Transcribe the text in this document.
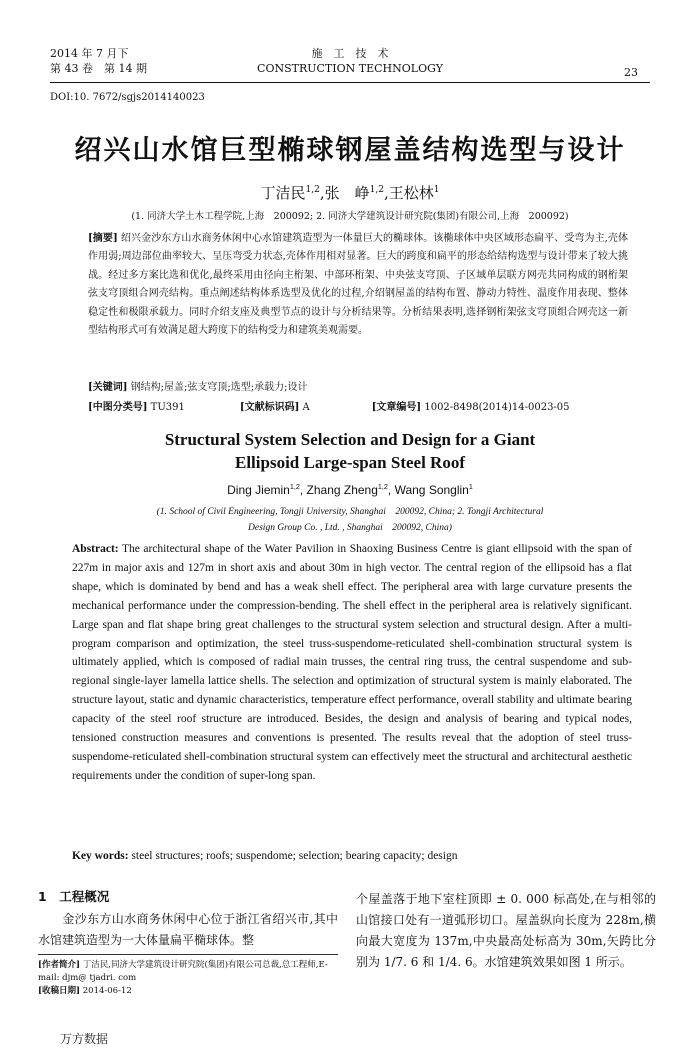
2014 年 7 月下
第 43 卷　第 14 期
施　工　技　术
CONSTRUCTION TECHNOLOGY	23
DOI:10. 7672/sgjs2014140023
绍兴山水馆巨型椭球钢屋盖结构选型与设计
丁洁民$^{1,2}$,张　峥$^{1,2}$,王松林$^1$
(1. 同济大学土木工程学院,上海　200092; 2. 同济大学建筑设计研究院(集团)有限公司,上海　200092)
[摘要] 绍兴金沙东方山水商务休闲中心水馆建筑造型为一体量巨大的椭球体。该椭球体中央区域形态扁平、受弯为主,壳体作用弱;周边部位曲率较大、呈压弯受力状态,壳体作用相对显著。巨大的跨度和扁平的形态给结构选型与设计带来了较大挑战。经过多方案比选和优化,最终采用由径向主桁架、中部环桁架、中央弦支穹顶、子区域单层联方网壳共同构成的钢桁架弦支穹顶组合网壳结构。重点阐述结构体系选型及优化的过程,介绍钢屋盖的结构布置、静动力特性、温度作用表现、整体稳定性和极限承载力。同时介绍支座及典型节点的设计与分析结果等。分析结果表明,选择钢桁架弦支穹顶组合网壳这一新型结构形式可有效满足超大跨度下的结构受力和建筑美观需要。
[关键词] 钢结构;屋盖;弦支穹顶;选型;承载力;设计
[中图分类号] TU391	[文献标识码] A	[文章编号] 1002-8498(2014)14-0023-05
Structural System Selection and Design for a Giant
Ellipsoid Large-span Steel Roof
Ding Jiemin$^{1,2}$, Zhang Zheng$^{1,2}$, Wang Songlin$^1$
(1. School of Civil Engineering, Tongji University, Shanghai　200092, China; 2. Tongji Architectural
Design Group Co. , Ltd. , Shanghai　200092, China)
Abstract: The architectural shape of the Water Pavilion in Shaoxing Business Centre is giant ellipsoid with the span of 227m in major axis and 127m in short axis and about 30m in high vector. The central region of the ellipsoid has a flat shape, which is dominated by bend and has a weak shell effect. The peripheral area with large curvature presents the mechanical performance under the compression-bending. The shell effect in the peripheral area is relatively significant. Large span and flat shape bring great challenges to the structural system selection and structural design. After a multi-program comparison and optimization, the steel truss-suspendome-reticulated shell-combination structural system is ultimately applied, which is composed of radial main trusses, the central ring truss, the central suspendome and sub-regional single-layer lamella lattice shells. The selection and optimization of structural system is mainly elaborated. The structure layout, static and dynamic characteristics, temperature effect performance, overall stability and ultimate bearing capacity of the steel roof structure are introduced. Besides, the design and analysis of bearing and typical nodes, tensioned construction measures and conventions is presented. The results reveal that the adoption of steel truss-suspendome-reticulated shell-combination structural system can effectively meet the structural and architectural aesthetic requirements under the condition of super-long span.
Key words: steel structures; roofs; suspendome; selection; bearing capacity; design
1　工程概况
金沙东方山水商务休闲中心位于浙江省绍兴市,其中水馆建筑造型为一大体量扁平椭球体。整
个屋盖落于地下室柱顶即 ± 0. 000 标高处,在与相邻的山馆接口处有一道弧形切口。屋盖纵向长度为 228m,横向最大宽度为 137m,中央最高处标高为 30m,矢跨比分别为 1/7. 6 和 1/4. 6。水馆建筑效果如图 1 所示。
[作者简介] 丁洁民,同济大学建筑设计研究院(集团)有限公司总裁,总工程师,E-mail: djm@ tjadri. com
[收稿日期] 2014-06-12
万方数据
